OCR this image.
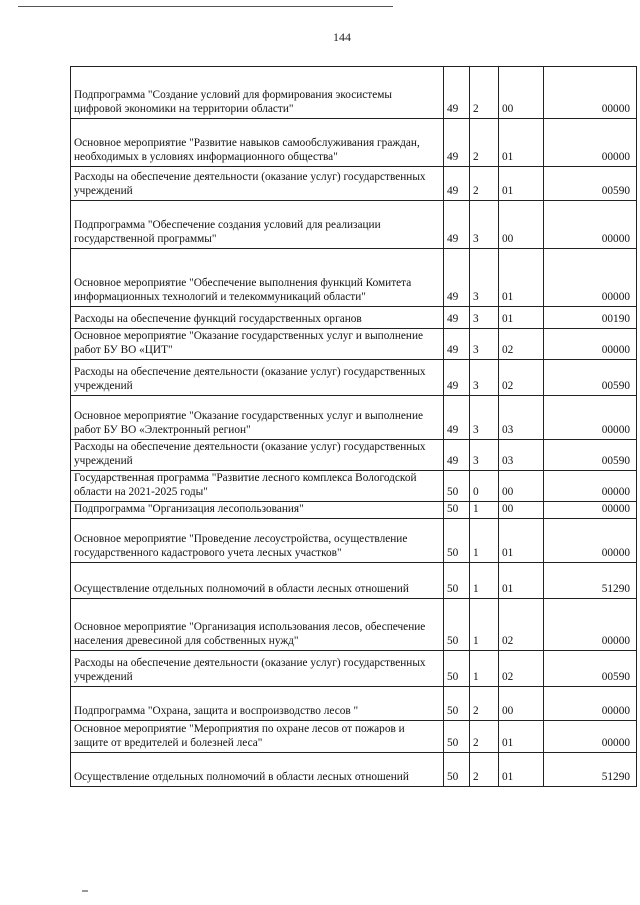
144
Подпрограмма "Создание условий для формирования экосистемы цифровой экономики на территории области"	49	2	00	00000
Основное мероприятие "Развитие навыков самообслуживания граждан, необходимых в условиях информационного общества"	49	2	01	00000
Расходы на обеспечение деятельности (оказание услуг) государственных учреждений	49	2	01	00590
Подпрограмма "Обеспечение создания условий для реализации государственной программы"	49	3	00	00000
Основное мероприятие "Обеспечение выполнения функций Комитета информационных технологий и телекоммуникаций области"	49	3	01	00000
Расходы на обеспечение функций государственных органов	49	3	01	00190
Основное мероприятие "Оказание государственных услуг и выполнение работ БУ ВО «ЦИТ"	49	3	02	00000
Расходы на обеспечение деятельности (оказание услуг) государственных учреждений	49	3	02	00590
Основное мероприятие "Оказание государственных услуг и выполнение работ БУ ВО «Электронный регион"	49	3	03	00000
Расходы на обеспечение деятельности (оказание услуг) государственных учреждений	49	3	03	00590
Государственная программа "Развитие лесного комплекса Вологодской области на 2021-2025 годы"	50	0	00	00000
Подпрограмма "Организация лесопользования"	50	1	00	00000
Основное мероприятие "Проведение лесоустройства, осуществление государственного кадастрового учета лесных участков"	50	1	01	00000
Осуществление отдельных полномочий в области лесных отношений	50	1	01	51290
Основное мероприятие "Организация использования лесов, обеспечение населения древесиной для собственных нужд"	50	1	02	00000
Расходы на обеспечение деятельности (оказание услуг) государственных учреждений	50	1	02	00590
Подпрограмма "Охрана, защита и воспроизводство лесов "	50	2	00	00000
Основное мероприятие "Мероприятия по охране лесов от пожаров и защите от вредителей и болезней леса"	50	2	01	00000
Осуществление отдельных полномочий в области лесных отношений	50	2	01	51290
